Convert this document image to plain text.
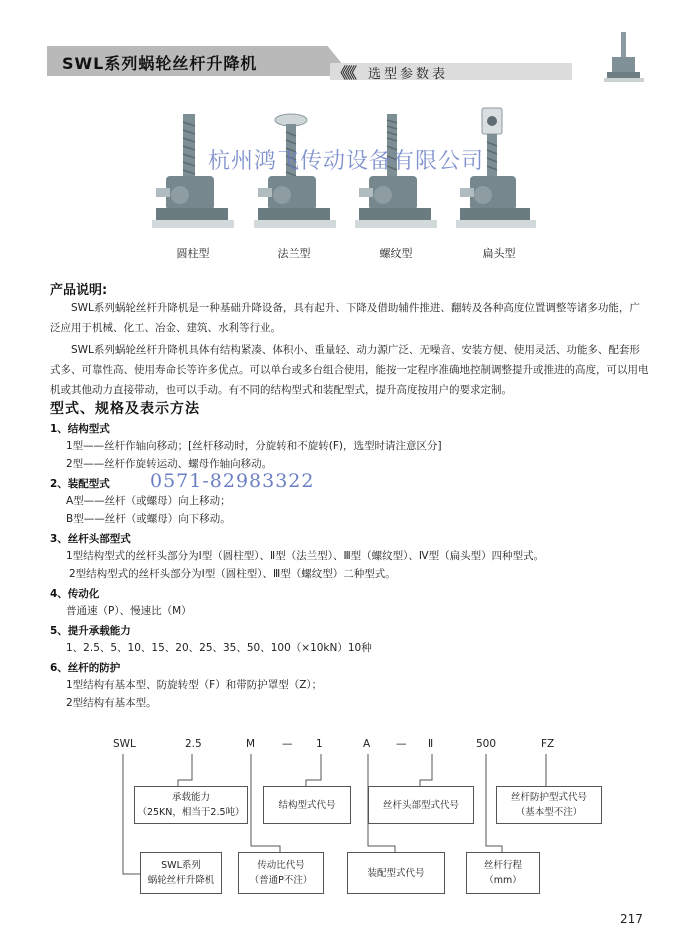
SWL系列蜗轮丝杆升降机	《《《 选型参数表
圆柱型	法兰型	螺纹型	扁头型
杭州鸿飞传动设备有限公司
产品说明:
SWL系列蜗轮丝杆升降机是一种基础升降设备，具有起升、下降及借助辅件推进、翻转及各种高度位置调整等诸多功能，广泛应用于机械、化工、冶金、建筑、水利等行业。
SWL系列蜗轮丝杆升降机具体有结构紧凑、体积小、重量轻、动力源广泛、无噪音、安装方便、使用灵活、功能多、配套形式多、可靠性高、使用寿命长等许多优点。可以单台或多台组合使用，能按一定程序准确地控制调整提升或推进的高度，可以用电机或其他动力直接带动，也可以手动。有不同的结构型式和装配型式，提升高度按用户的要求定制。
型式、规格及表示方法
1、结构型式
1型——丝杆作轴向移动；[丝杆移动时，分旋转和不旋转(F)，选型时请注意区分]
2型——丝杆作旋转运动、螺母作轴向移动。
2、装配型式
A型——丝杆（或螺母）向上移动；
B型——丝杆（或螺母）向下移动。
0571-82983322
3、丝杆头部型式
1型结构型式的丝杆头部分为Ⅰ型（圆柱型）、Ⅱ型（法兰型）、Ⅲ型（螺纹型）、Ⅳ型（扁头型）四种型式。
2型结构型式的丝杆头部分为Ⅰ型（圆柱型）、Ⅲ型（螺纹型）二种型式。
4、传动化
普通速（P）、慢速比（M）
5、提升承载能力
1、2.5、5、10、15、20、25、35、50、100（×10kN）10种
6、丝杆的防护
1型结构有基本型、防旋转型（F）和带防护罩型（Z）；
2型结构有基本型。
SWL	2.5	M	— 1	A — Ⅱ	500	FZ
承载能力
（25KN，相当于2.5吨）
结构型式代号	丝杆头部型式代号
丝杆防护型式代号
（基本型不注）
SWL系列
蜗轮丝杆升降机
传动比代号
（普通P不注）
装配型式代号
丝杆行程
（mm）
217
